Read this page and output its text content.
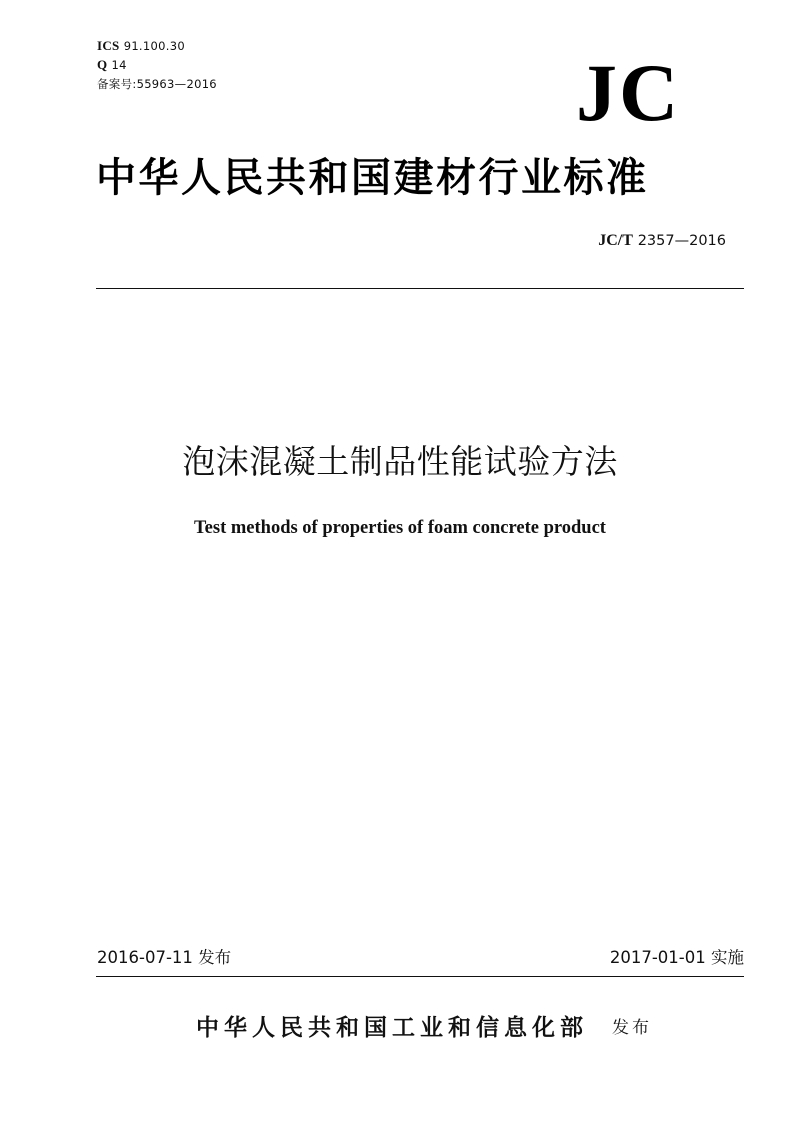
ICS 91.100.30
Q 14
备案号:55963—2016	JC
中华人民共和国建材行业标准
JC/T 2357—2016
泡沫混凝土制品性能试验方法
Test methods of properties of foam concrete product
2016-07-11 发布	2017-01-01 实施
中华人民共和国工业和信息化部 发布
